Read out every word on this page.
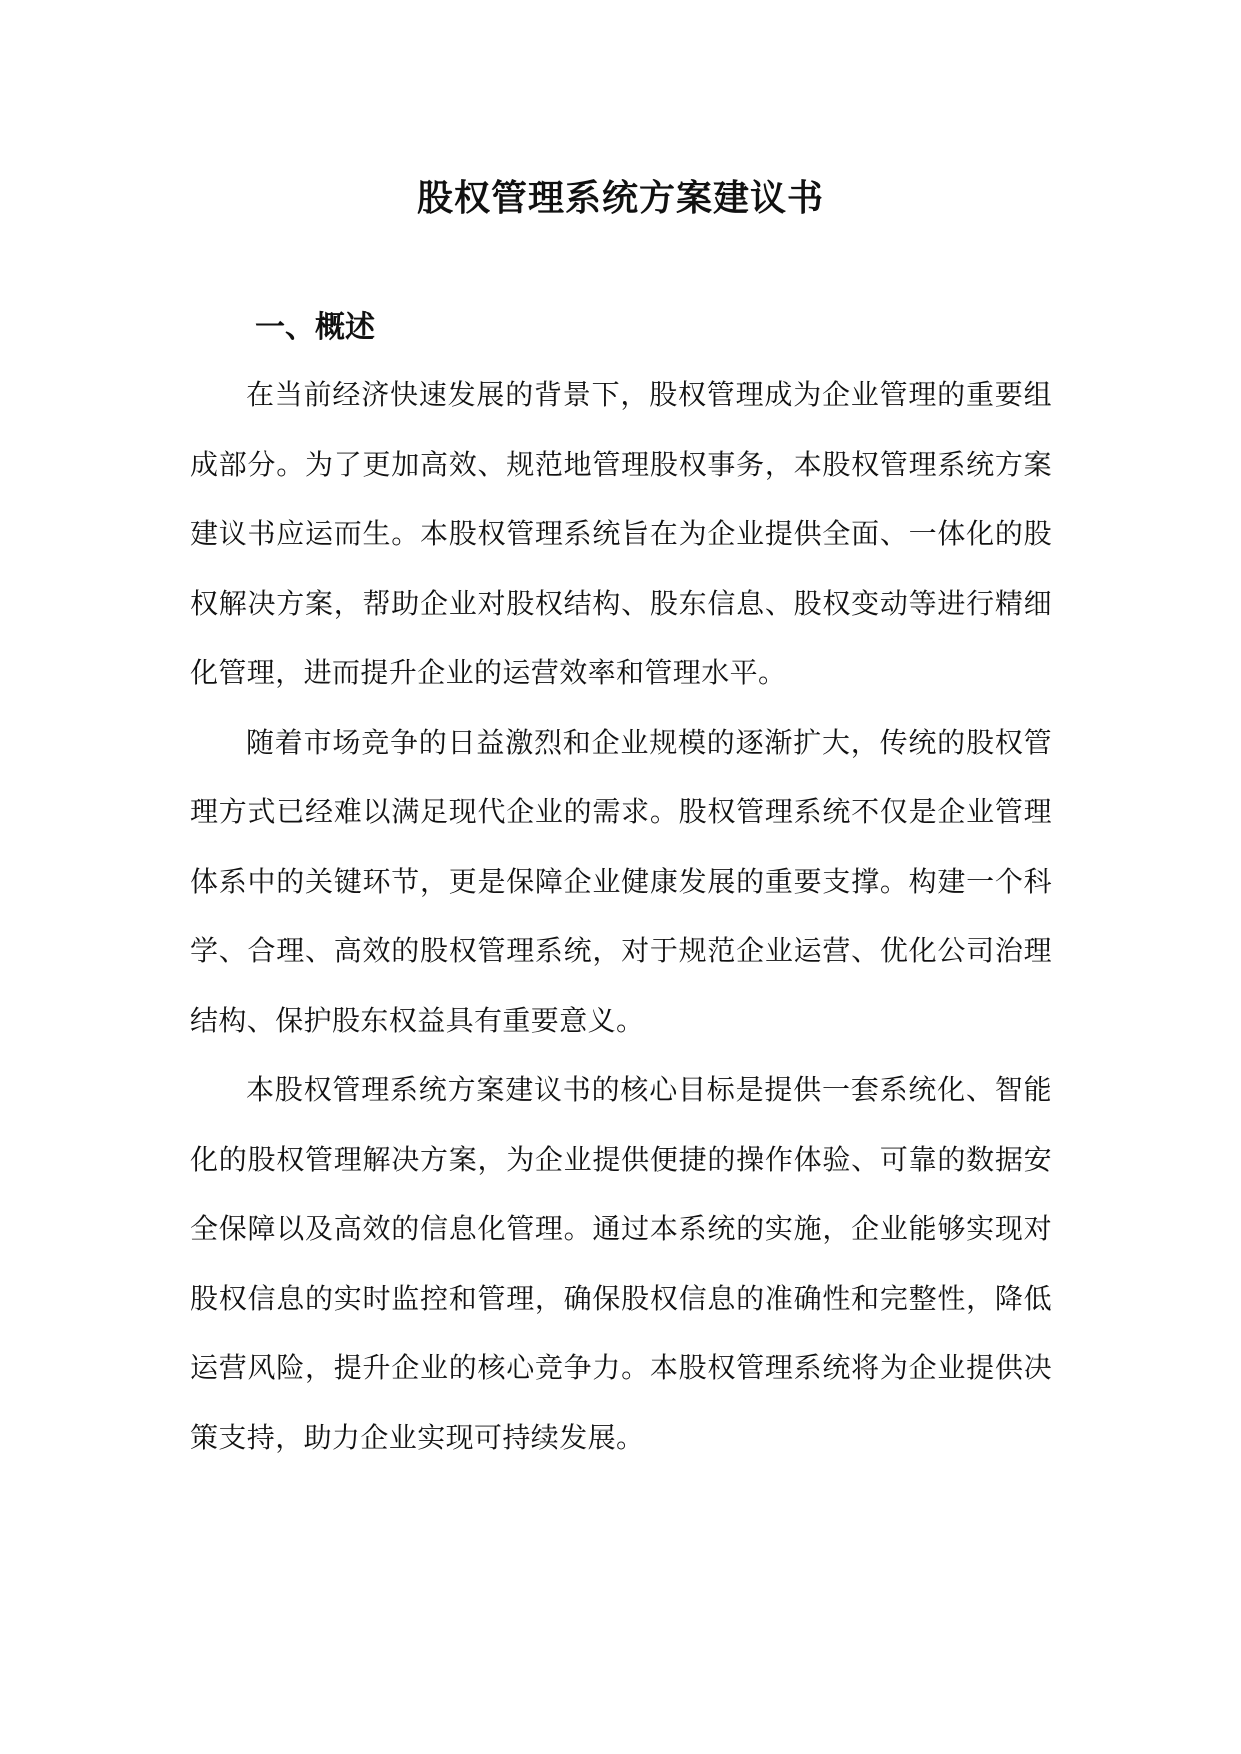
股权管理系统方案建议书
一、概述

在当前经济快速发展的背景下，股权管理成为企业管理的重要组成部分。为了更加高效、规范地管理股权事务，本股权管理系统方案建议书应运而生。本股权管理系统旨在为企业提供全面、一体化的股权解决方案，帮助企业对股权结构、股东信息、股权变动等进行精细化管理，进而提升企业的运营效率和管理水平。

随着市场竞争的日益激烈和企业规模的逐渐扩大，传统的股权管理方式已经难以满足现代企业的需求。股权管理系统不仅是企业管理体系中的关键环节，更是保障企业健康发展的重要支撑。构建一个科学、合理、高效的股权管理系统，对于规范企业运营、优化公司治理结构、保护股东权益具有重要意义。

本股权管理系统方案建议书的核心目标是提供一套系统化、智能化的股权管理解决方案，为企业提供便捷的操作体验、可靠的数据安全保障以及高效的信息化管理。通过本系统的实施，企业能够实现对股权信息的实时监控和管理，确保股权信息的准确性和完整性，降低运营风险，提升企业的核心竞争力。本股权管理系统将为企业提供决策支持，助力企业实现可持续发展。
